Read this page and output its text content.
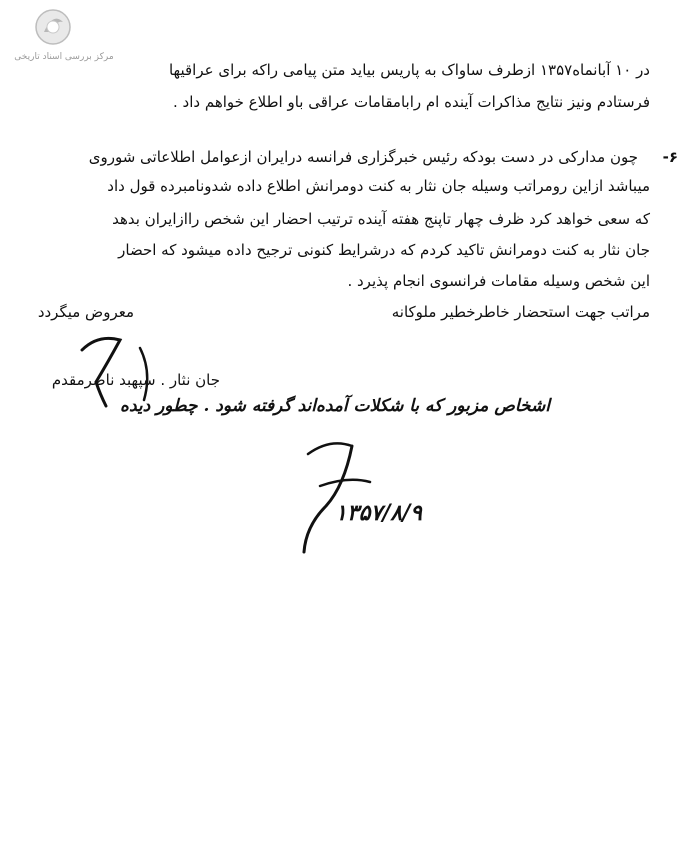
مرکز بررسی اسناد تاریخی
در ۱۰ آبانماه۱۳۵۷ ازطرف ساواک به پاریس بیاید متن پیامی راکه برای عراقیها
فرستادم ونیز نتایج مذاکرات آینده ام رابامقامات عراقی باو اطلاع خواهم داد .
۶-
چون مدارکی در دست بودکه رئیس خبرگزاری فرانسه درایران ازعوامل اطلاعاتی شوروی
میباشد ازاین رومراتب وسیله جان نثار به کنت دومرانش اطلاع داده شدونامبرده قول داد
که سعی خواهد کرد ظرف چهار تاپنج هفته آینده ترتیب احضار این شخص راازایران بدهد
جان نثار به کنت دومرانش تاکید کردم که درشرایط کنونی ترجیح داده میشود که احضار
این شخص وسیله مقامات فرانسوی انجام پذیرد .
مراتب جهت استحضار خاطرخطیر ملوکانه
معروض میگردد
جان نثار . سپهبد ناصرمقدم
اشخاص مزبور که با شکلات آمده‌اند گرفته شود . چطور دیده
۱۳۵۷/۸/۹
